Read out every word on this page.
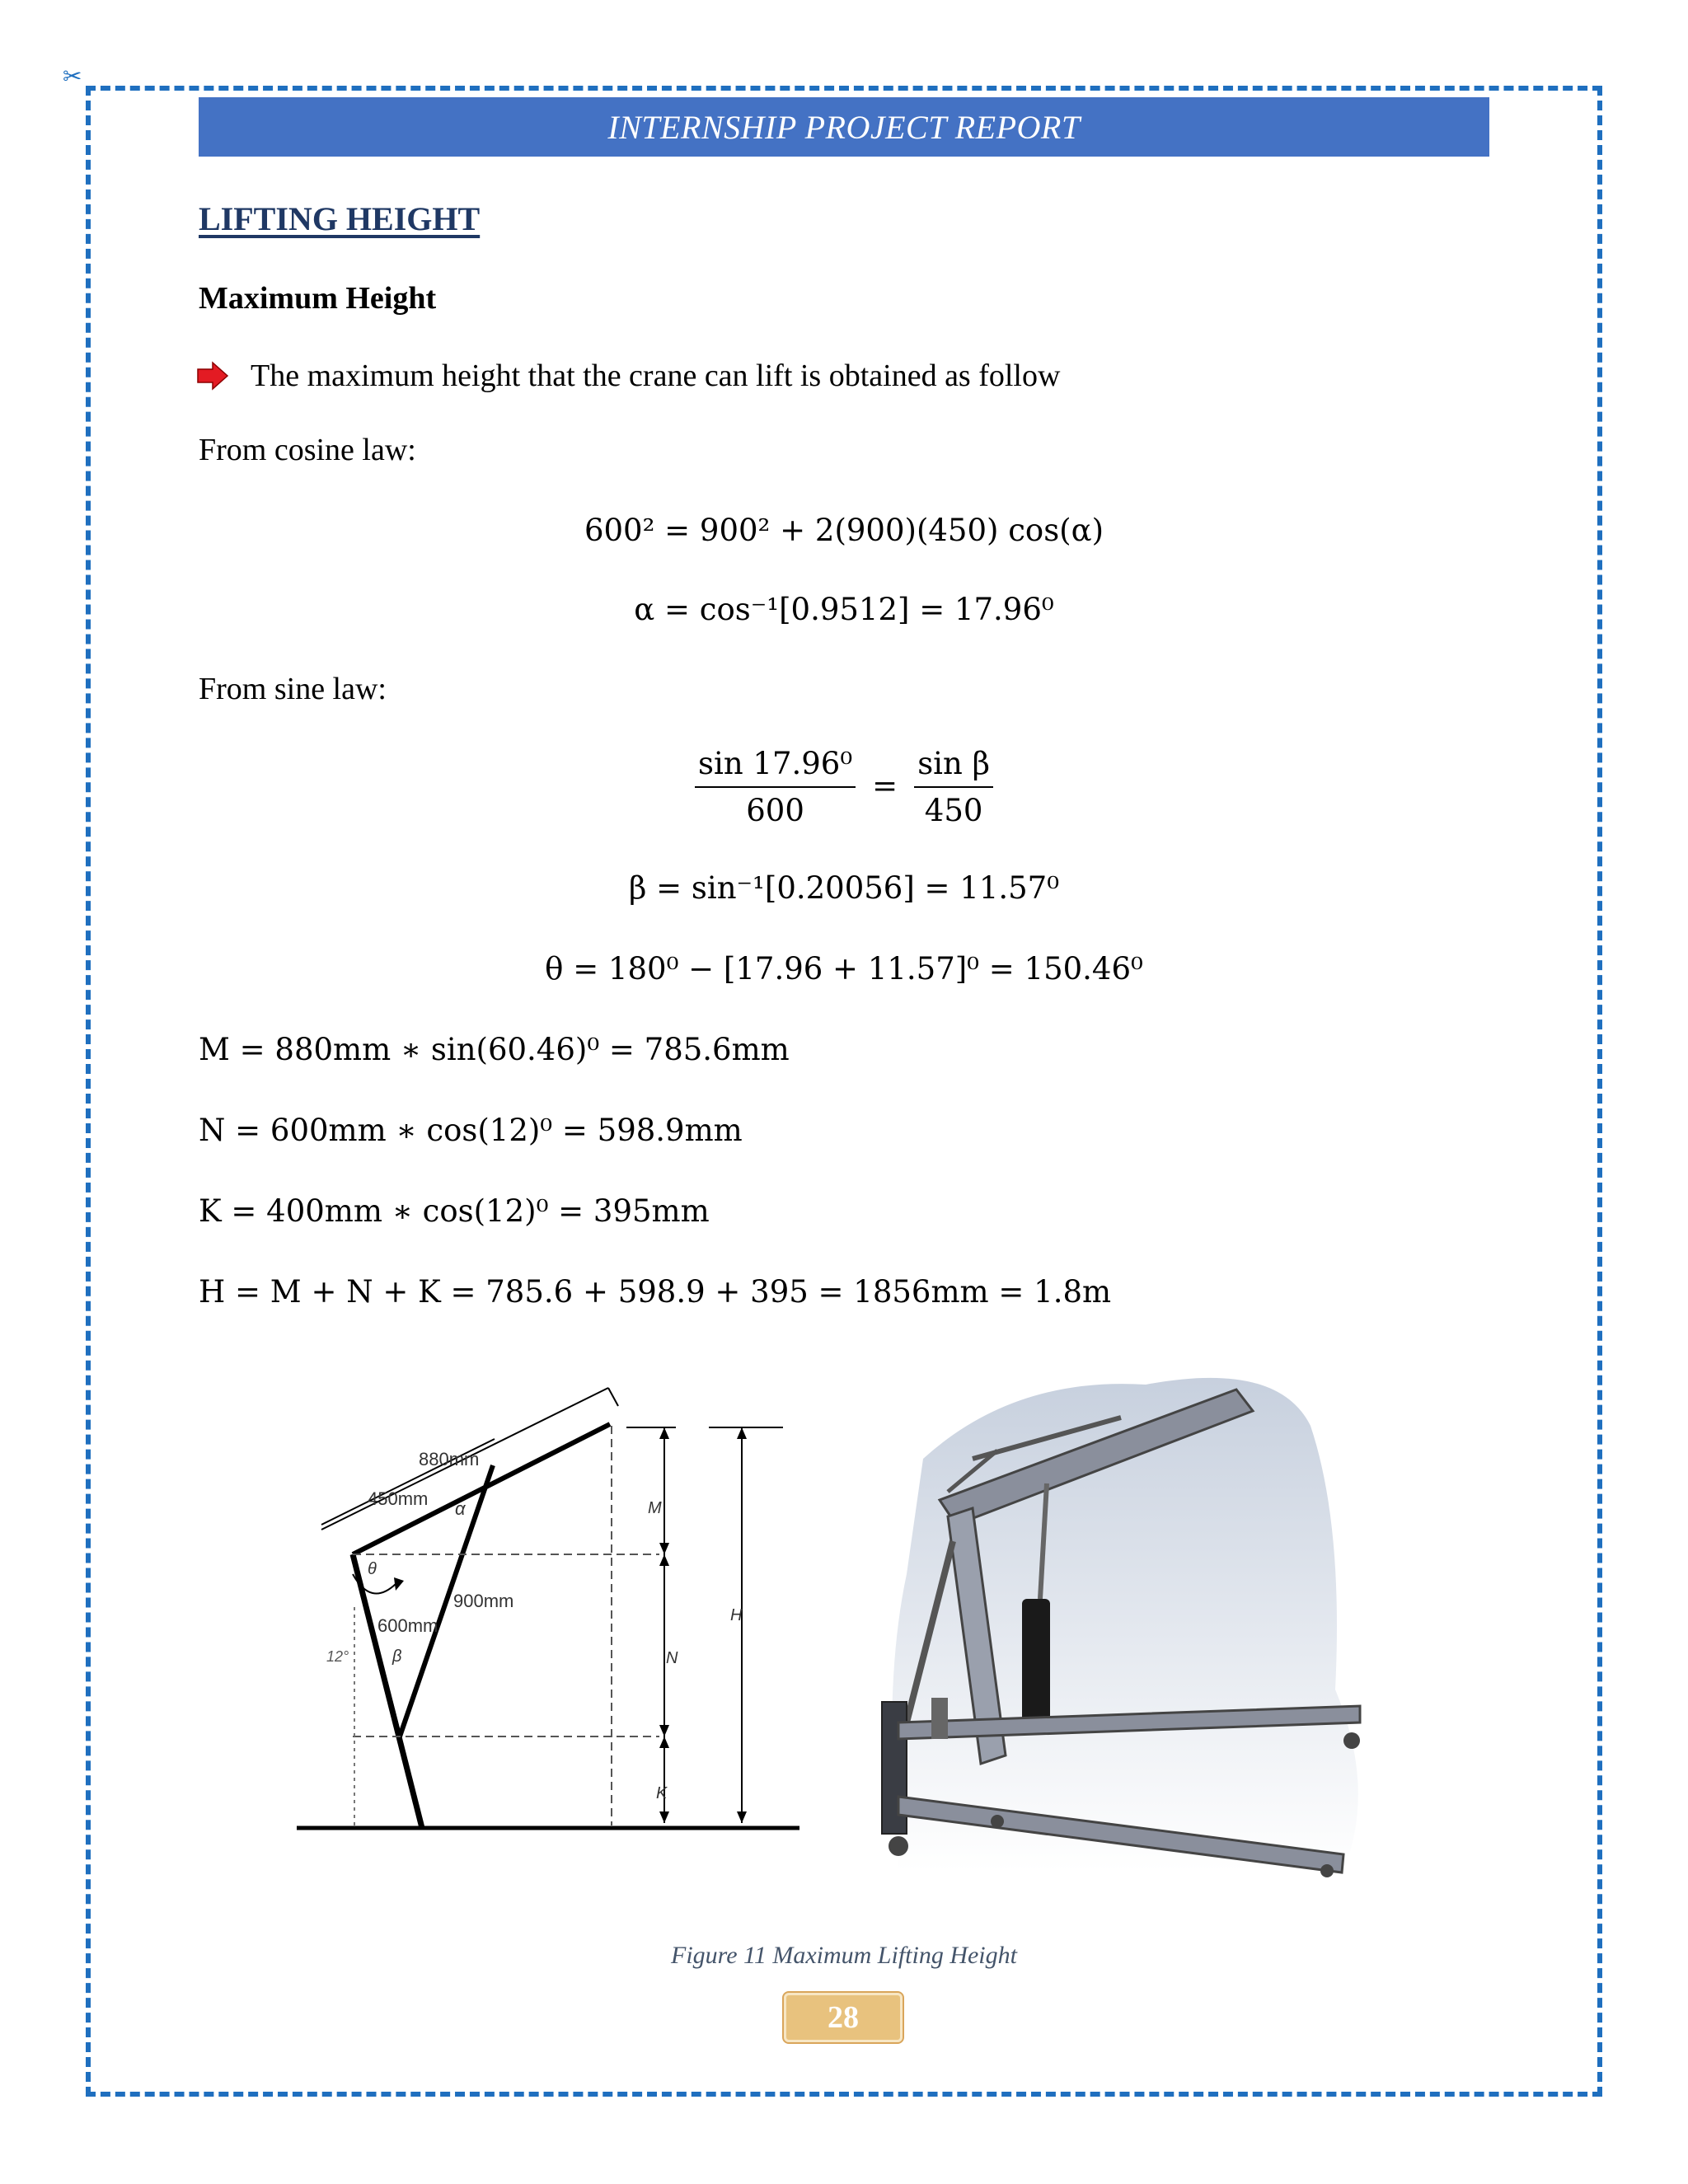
✂
INTERNSHIP PROJECT REPORT
LIFTING HEIGHT
Maximum Height
The maximum height that the crane can lift is obtained as follow
From cosine law:
600² = 900² + 2(900)(450) cos(α)
α = cos⁻¹[0.9512] = 17.96⁰
From sine law:
$\frac{\text{sin 17.96⁰}}{600} = \frac{\text{sin β}}{450}$
β = sin⁻¹[0.20056] = 11.57⁰
θ = 180⁰ − [17.96 + 11.57]⁰ = 150.46⁰
M = 880mm ∗ sin(60.46)⁰ = 785.6mm
N = 600mm ∗ cos(12)⁰ = 598.9mm
K = 400mm ∗ cos(12)⁰ = 395mm
H = M + N + K = 785.6 + 598.9 + 395 = 1856mm = 1.8m
880mm
450mm α
θ
900mm
600mm
12°	β
M
N
K
H
Figure 11 Maximum Lifting Height
28
